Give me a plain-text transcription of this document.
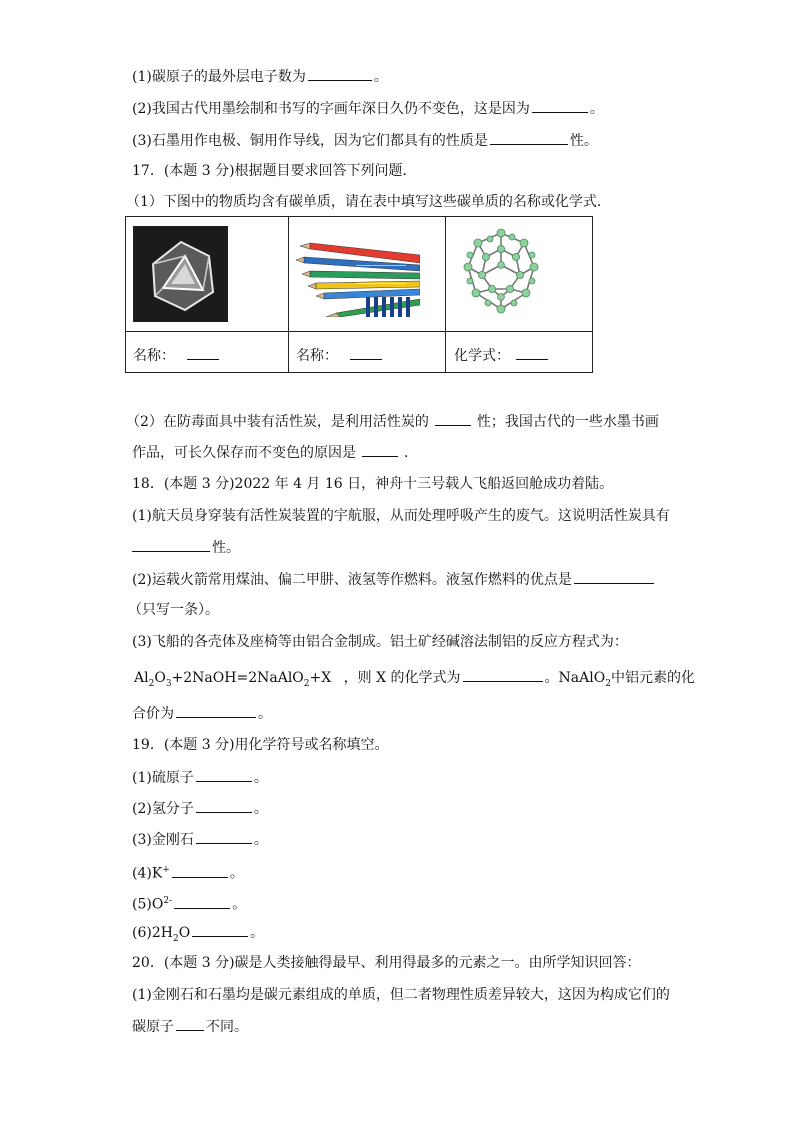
(1)碳原子的最外层电子数为	。
(2)我国古代用墨绘制和书写的字画年深日久仍不变色，这是因为	。
(3)石墨用作电极、铜用作导线，因为它们都具有的性质是	性。
17．(本题 3 分)根据题目要求回答下列问题．
（1）下图中的物质均含有碳单质，请在表中填写这些碳单质的名称或化学式．
名称：	名称：	化学式：
（2）在防毒面具中装有活性炭，是利用活性炭的	性；我国古代的一些水墨书画
作品，可长久保存而不变色的原因是	．
18．(本题 3 分)2022 年 4 月 16 日，神舟十三号载人飞船返回舱成功着陆。
(1)航天员身穿装有活性炭装置的宇航服，从而处理呼吸产生的废气。这说明活性炭具有
性。
(2)运载火箭常用煤油、偏二甲肼、液氢等作燃料。液氢作燃料的优点是
（只写一条）。
(3)飞船的各壳体及座椅等由铝合金制成。铝土矿经碱溶法制铝的反应方程式为：
$Al_2O_3+2NaOH=2NaAlO_2+X$ ，则 X 的化学式为	。NaAlO$_2$中铝元素的化
合价为	。
19．(本题 3 分)用化学符号或名称填空。
(1)硫原子	。
(2)氢分子	。
(3)金刚石	。
(4)K+	。
$(5)O^{2-}$	。
$(6)2H_2O$	。
20．(本题 3 分)碳是人类接触得最早、利用得最多的元素之一。由所学知识回答：
(1)金刚石和石墨均是碳元素组成的单质，但二者物理性质差异较大，这因为构成它们的
碳原子 不同。
